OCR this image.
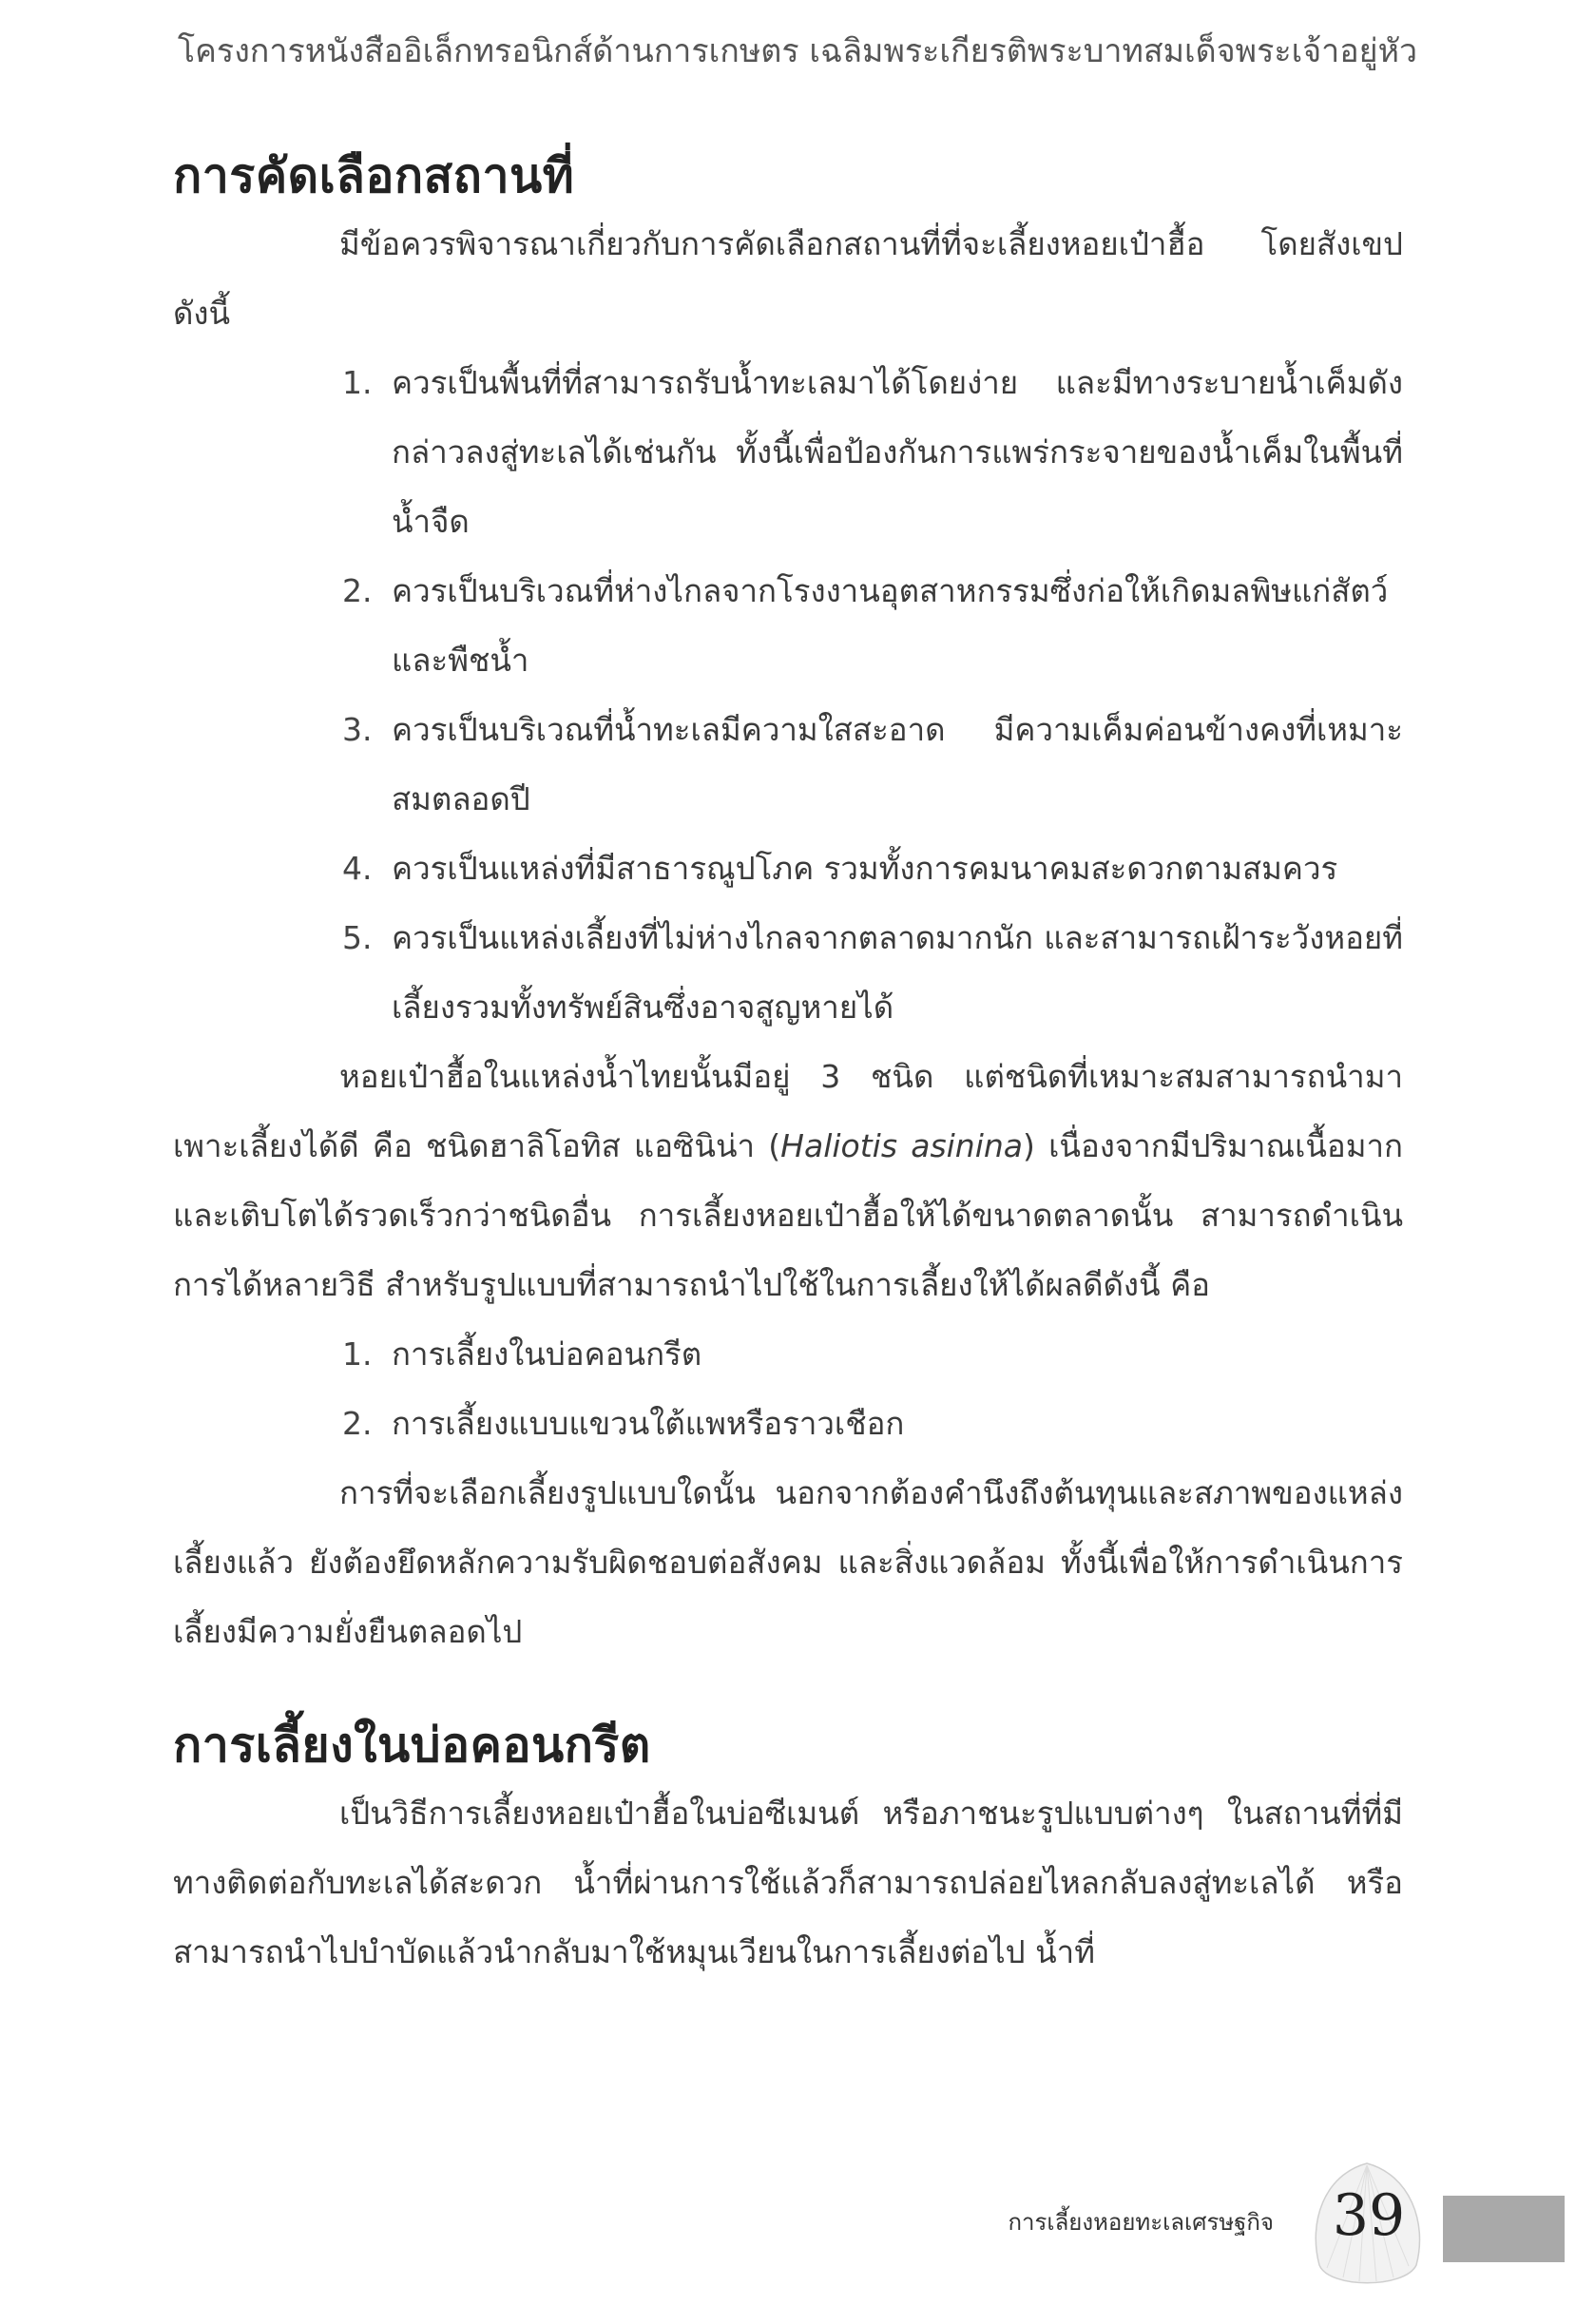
โครงการหนังสืออิเล็กทรอนิกส์ด้านการเกษตร เฉลิมพระเกียรติพระบาทสมเด็จพระเจ้าอยู่หัว
การคัดเลือกสถานที่

มีข้อควรพิจารณาเกี่ยวกับการคัดเลือกสถานที่ที่จะเลี้ยงหอยเป๋าฮื้อ โดยสังเขปดังนี้

1. ควรเป็นพื้นที่ที่สามารถรับน้ำทะเลมาได้โดยง่าย และมีทางระบายน้ำเค็มดังกล่าวลงสู่ทะเลได้เช่นกัน ทั้งนี้เพื่อป้องกันการแพร่กระจายของน้ำเค็มในพื้นที่น้ำจืด
2. ควรเป็นบริเวณที่ห่างไกลจากโรงงานอุตสาหกรรมซึ่งก่อให้เกิดมลพิษแก่สัตว์และพืชน้ำ
3. ควรเป็นบริเวณที่น้ำทะเลมีความใสสะอาด มีความเค็มค่อนข้างคงที่เหมาะสมตลอดปี
4. ควรเป็นแหล่งที่มีสาธารณูปโภค รวมทั้งการคมนาคมสะดวกตามสมควร
5. ควรเป็นแหล่งเลี้ยงที่ไม่ห่างไกลจากตลาดมากนัก และสามารถเฝ้าระวังหอยที่เลี้ยงรวมทั้งทรัพย์สินซึ่งอาจสูญหายได้

หอยเป๋าฮื้อในแหล่งน้ำไทยนั้นมีอยู่ 3 ชนิด แต่ชนิดที่เหมาะสมสามารถนำมาเพาะเลี้ยงได้ดี คือ ชนิดฮาลิโอทิส แอซินิน่า (Haliotis asinina) เนื่องจากมีปริมาณเนื้อมากและเติบโตได้รวดเร็วกว่าชนิดอื่น การเลี้ยงหอยเป๋าฮื้อให้ได้ขนาดตลาดนั้น สามารถดำเนินการได้หลายวิธี สำหรับรูปแบบที่สามารถนำไปใช้ในการเลี้ยงให้ได้ผลดีดังนี้ คือ

1. การเลี้ยงในบ่อคอนกรีต
2. การเลี้ยงแบบแขวนใต้แพหรือราวเชือก

การที่จะเลือกเลี้ยงรูปแบบใดนั้น นอกจากต้องคำนึงถึงต้นทุนและสภาพของแหล่งเลี้ยงแล้ว ยังต้องยึดหลักความรับผิดชอบต่อสังคม และสิ่งแวดล้อม ทั้งนี้เพื่อให้การดำเนินการเลี้ยงมีความยั่งยืนตลอดไป

การเลี้ยงในบ่อคอนกรีต

เป็นวิธีการเลี้ยงหอยเป๋าฮื้อในบ่อซีเมนต์ หรือภาชนะรูปแบบต่างๆ ในสถานที่ที่มีทางติดต่อกับทะเลได้สะดวก น้ำที่ผ่านการใช้แล้วก็สามารถปล่อยไหลกลับลงสู่ทะเลได้ หรือสามารถนำไปบำบัดแล้วนำกลับมาใช้หมุนเวียนในการเลี้ยงต่อไป น้ำที่

การเลี้ยงหอยทะเลเศรษฐกิจ 39
